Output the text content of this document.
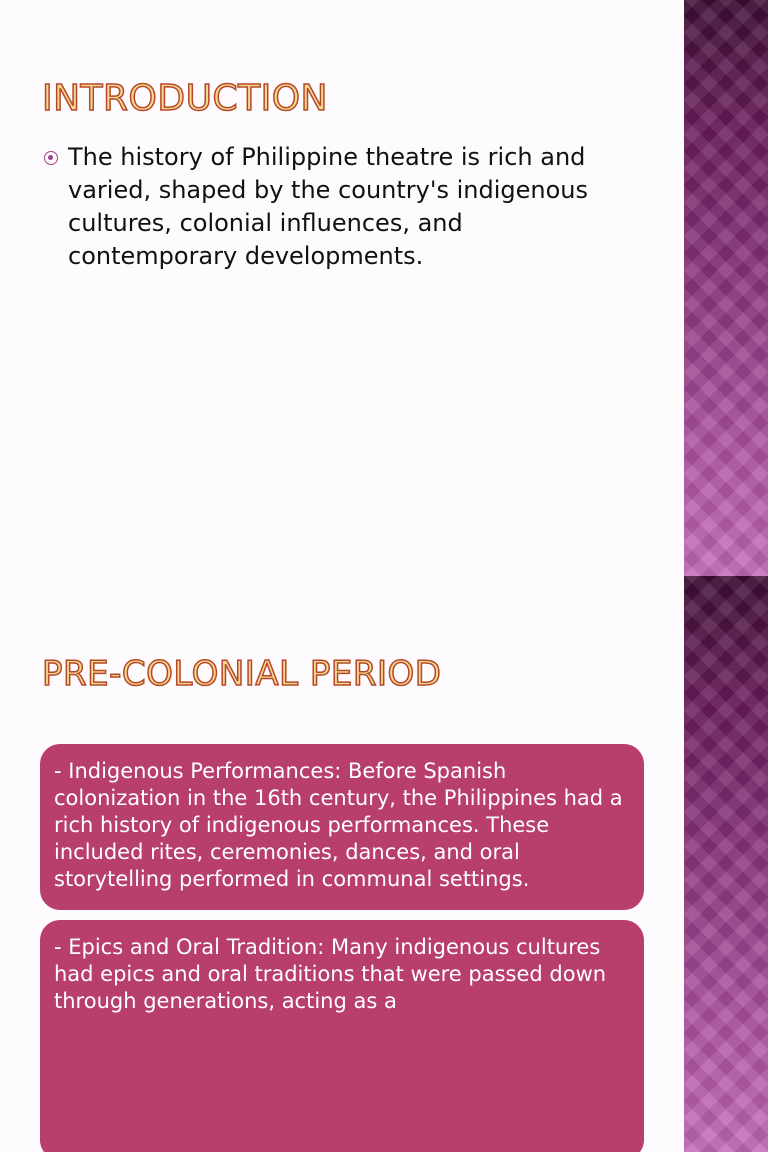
INTRODUCTION
The history of Philippine theatre is rich and varied, shaped by the country's indigenous cultures, colonial influences, and contemporary developments.
PRE-COLONIAL PERIOD
- Indigenous Performances: Before Spanish colonization in the 16th century, the Philippines had a rich history of indigenous performances. These included rites, ceremonies, dances, and oral storytelling performed in communal settings.
- Epics and Oral Tradition: Many indigenous cultures had epics and oral traditions that were passed down through generations, acting as a
